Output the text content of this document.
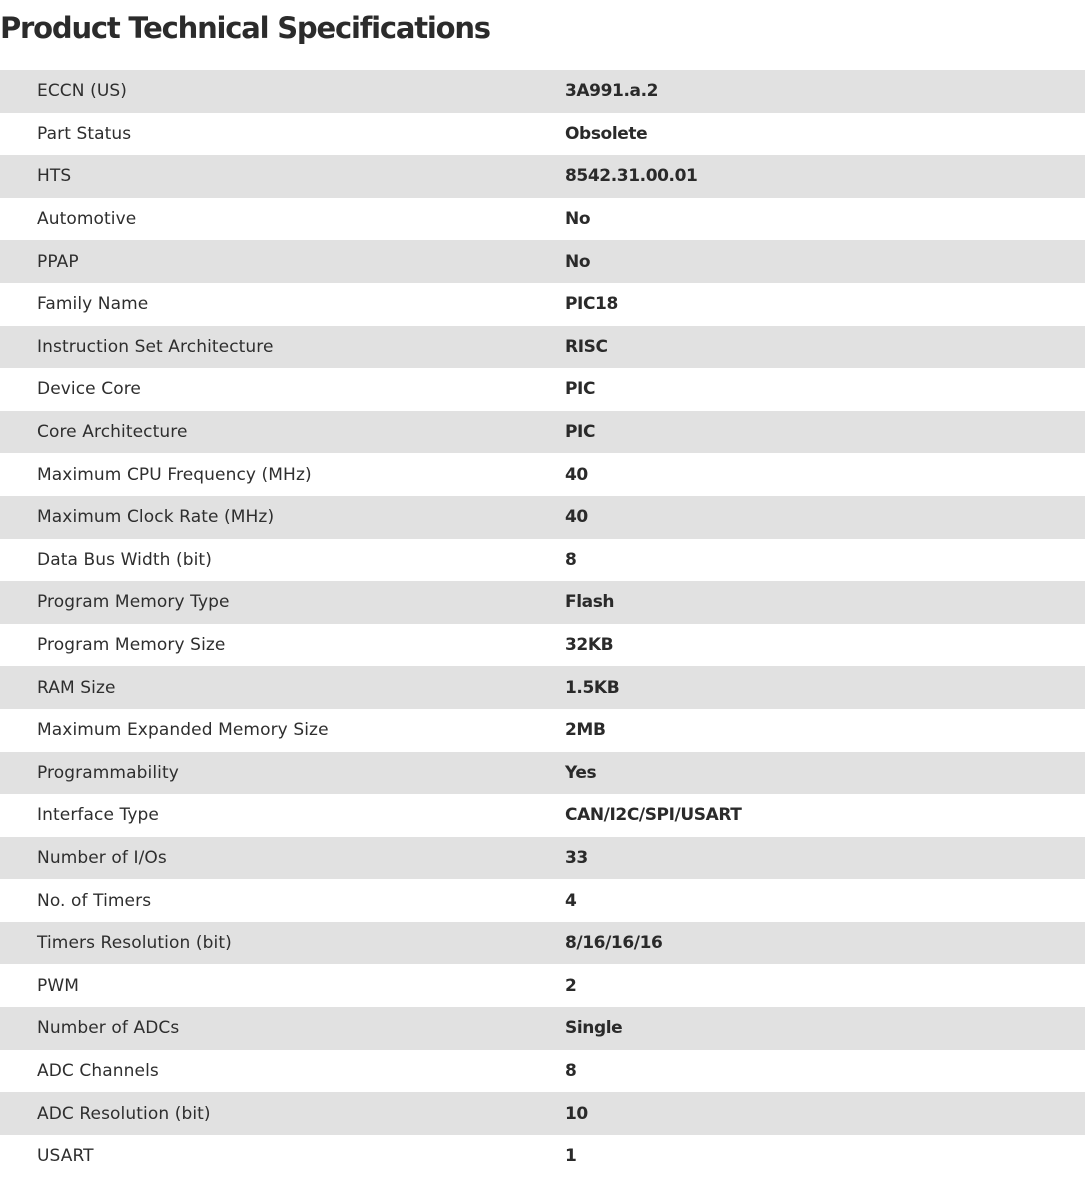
Product Technical Specifications
ECCN (US)	3A991.a.2
Part Status	Obsolete
HTS	8542.31.00.01
Automotive	No
PPAP	No
Family Name	PIC18
Instruction Set Architecture	RISC
Device Core	PIC
Core Architecture	PIC
Maximum CPU Frequency (MHz)	40
Maximum Clock Rate (MHz)	40
Data Bus Width (bit)	8
Program Memory Type	Flash
Program Memory Size	32KB
RAM Size	1.5KB
Maximum Expanded Memory Size	2MB
Programmability	Yes
Interface Type	CAN/I2C/SPI/USART
Number of I/Os	33
No. of Timers	4
Timers Resolution (bit)	8/16/16/16
PWM	2
Number of ADCs	Single
ADC Channels	8
ADC Resolution (bit)	10
USART	1
